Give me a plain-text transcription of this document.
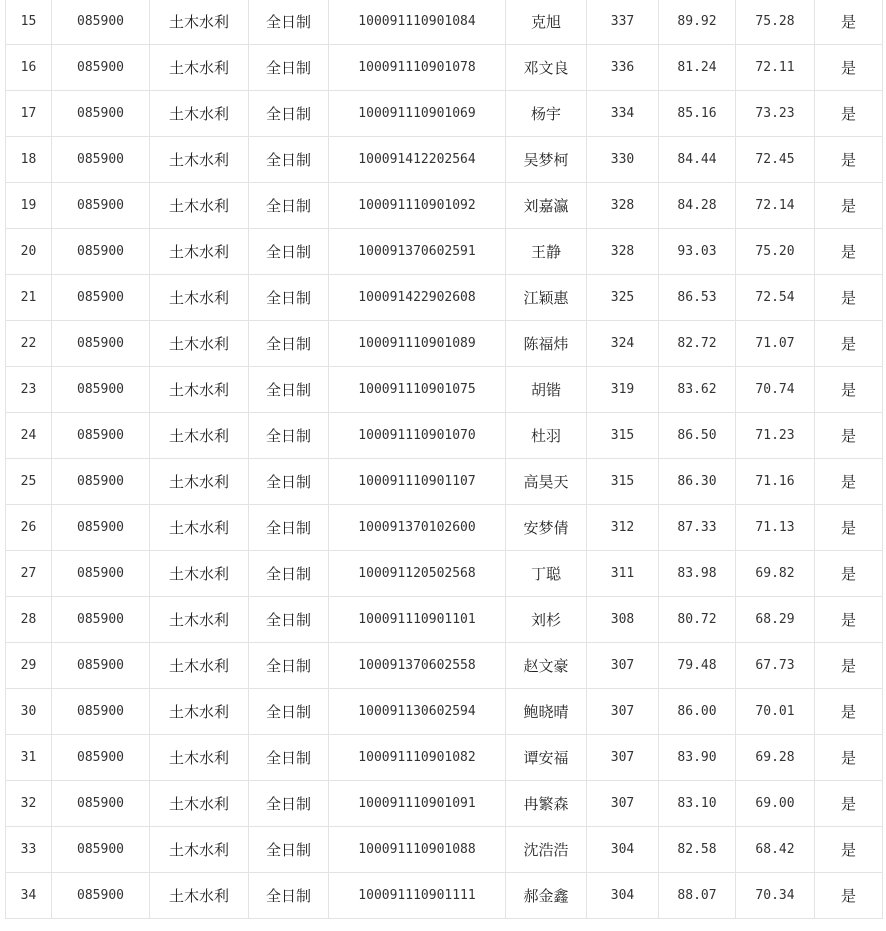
15	085900	土木水利	全日制	100091110901084	克旭	337	89.92	75.28	是
16	085900	土木水利	全日制	100091110901078	邓文良	336	81.24	72.11	是
17	085900	土木水利	全日制	100091110901069	杨宇	334	85.16	73.23	是
18	085900	土木水利	全日制	100091412202564	吴梦柯	330	84.44	72.45	是
19	085900	土木水利	全日制	100091110901092	刘嘉瀛	328	84.28	72.14	是
20	085900	土木水利	全日制	100091370602591	王静	328	93.03	75.20	是
21	085900	土木水利	全日制	100091422902608	江颖惠	325	86.53	72.54	是
22	085900	土木水利	全日制	100091110901089	陈福炜	324	82.72	71.07	是
23	085900	土木水利	全日制	100091110901075	胡锴	319	83.62	70.74	是
24	085900	土木水利	全日制	100091110901070	杜羽	315	86.50	71.23	是
25	085900	土木水利	全日制	100091110901107	高昊天	315	86.30	71.16	是
26	085900	土木水利	全日制	100091370102600	安梦倩	312	87.33	71.13	是
27	085900	土木水利	全日制	100091120502568	丁聪	311	83.98	69.82	是
28	085900	土木水利	全日制	100091110901101	刘杉	308	80.72	68.29	是
29	085900	土木水利	全日制	100091370602558	赵文豪	307	79.48	67.73	是
30	085900	土木水利	全日制	100091130602594	鲍晓晴	307	86.00	70.01	是
31	085900	土木水利	全日制	100091110901082	谭安福	307	83.90	69.28	是
32	085900	土木水利	全日制	100091110901091	冉繁森	307	83.10	69.00	是
33	085900	土木水利	全日制	100091110901088	沈浩浩	304	82.58	68.42	是
34	085900	土木水利	全日制	100091110901111	郝金鑫	304	88.07	70.34	是
